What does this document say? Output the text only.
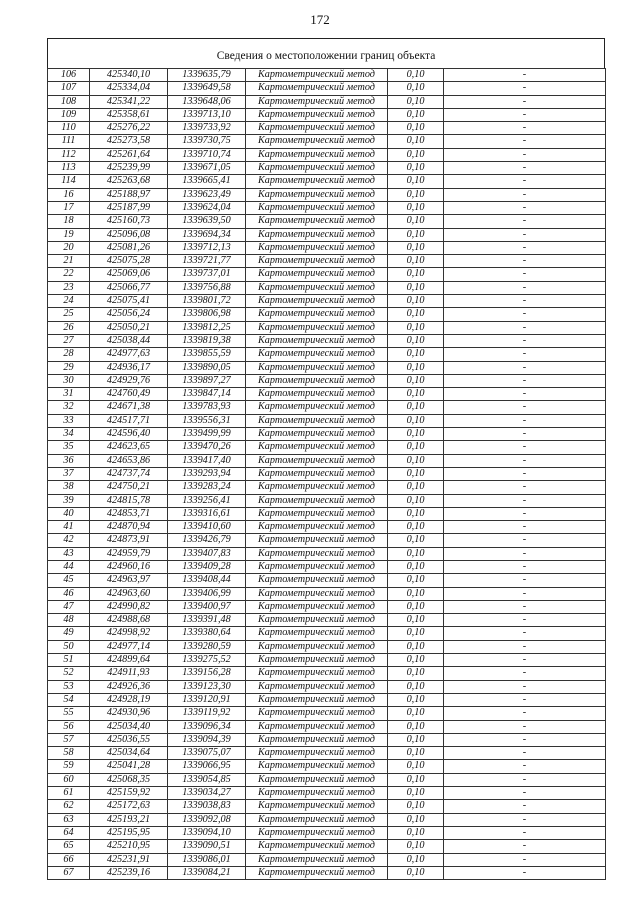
172
Сведения о местоположении границ объекта
106	425340,10	1339635,79	Картометрический метод	0,10	-
107	425334,04	1339649,58	Картометрический метод	0,10	-
108	425341,22	1339648,06	Картометрический метод	0,10	-
109	425358,61	1339713,10	Картометрический метод	0,10	-
110	425276,22	1339733,92	Картометрический метод	0,10	-
111	425273,58	1339730,75	Картометрический метод	0,10	-
112	425261,64	1339710,74	Картометрический метод	0,10	-
113	425239,99	1339671,05	Картометрический метод	0,10	-
114	425263,68	1339665,41	Картометрический метод	0,10	-
16	425188,97	1339623,49	Картометрический метод	0,10	-
17	425187,99	1339624,04	Картометрический метод	0,10	-
18	425160,73	1339639,50	Картометрический метод	0,10	-
19	425096,08	1339694,34	Картометрический метод	0,10	-
20	425081,26	1339712,13	Картометрический метод	0,10	-
21	425075,28	1339721,77	Картометрический метод	0,10	-
22	425069,06	1339737,01	Картометрический метод	0,10	-
23	425066,77	1339756,88	Картометрический метод	0,10	-
24	425075,41	1339801,72	Картометрический метод	0,10	-
25	425056,24	1339806,98	Картометрический метод	0,10	-
26	425050,21	1339812,25	Картометрический метод	0,10	-
27	425038,44	1339819,38	Картометрический метод	0,10	-
28	424977,63	1339855,59	Картометрический метод	0,10	-
29	424936,17	1339890,05	Картометрический метод	0,10	-
30	424929,76	1339897,27	Картометрический метод	0,10	-
31	424760,49	1339847,14	Картометрический метод	0,10	-
32	424671,38	1339783,93	Картометрический метод	0,10	-
33	424517,71	1339556,31	Картометрический метод	0,10	-
34	424596,40	1339499,99	Картометрический метод	0,10	-
35	424623,65	1339470,26	Картометрический метод	0,10	-
36	424653,86	1339417,40	Картометрический метод	0,10	-
37	424737,74	1339293,94	Картометрический метод	0,10	-
38	424750,21	1339283,24	Картометрический метод	0,10	-
39	424815,78	1339256,41	Картометрический метод	0,10	-
40	424853,71	1339316,61	Картометрический метод	0,10	-
41	424870,94	1339410,60	Картометрический метод	0,10	-
42	424873,91	1339426,79	Картометрический метод	0,10	-
43	424959,79	1339407,83	Картометрический метод	0,10	-
44	424960,16	1339409,28	Картометрический метод	0,10	-
45	424963,97	1339408,44	Картометрический метод	0,10	-
46	424963,60	1339406,99	Картометрический метод	0,10	-
47	424990,82	1339400,97	Картометрический метод	0,10	-
48	424988,68	1339391,48	Картометрический метод	0,10	-
49	424998,92	1339380,64	Картометрический метод	0,10	-
50	424977,14	1339280,59	Картометрический метод	0,10	-
51	424899,64	1339275,52	Картометрический метод	0,10	-
52	424911,93	1339156,28	Картометрический метод	0,10	-
53	424926,36	1339123,30	Картометрический метод	0,10	-
54	424928,19	1339120,91	Картометрический метод	0,10	-
55	424930,96	1339119,92	Картометрический метод	0,10	-
56	425034,40	1339096,34	Картометрический метод	0,10	-
57	425036,55	1339094,39	Картометрический метод	0,10	-
58	425034,64	1339075,07	Картометрический метод	0,10	-
59	425041,28	1339066,95	Картометрический метод	0,10	-
60	425068,35	1339054,85	Картометрический метод	0,10	-
61	425159,92	1339034,27	Картометрический метод	0,10	-
62	425172,63	1339038,83	Картометрический метод	0,10	-
63	425193,21	1339092,08	Картометрический метод	0,10	-
64	425195,95	1339094,10	Картометрический метод	0,10	-
65	425210,95	1339090,51	Картометрический метод	0,10	-
66	425231,91	1339086,01	Картометрический метод	0,10	-
67	425239,16	1339084,21	Картометрический метод	0,10	-
